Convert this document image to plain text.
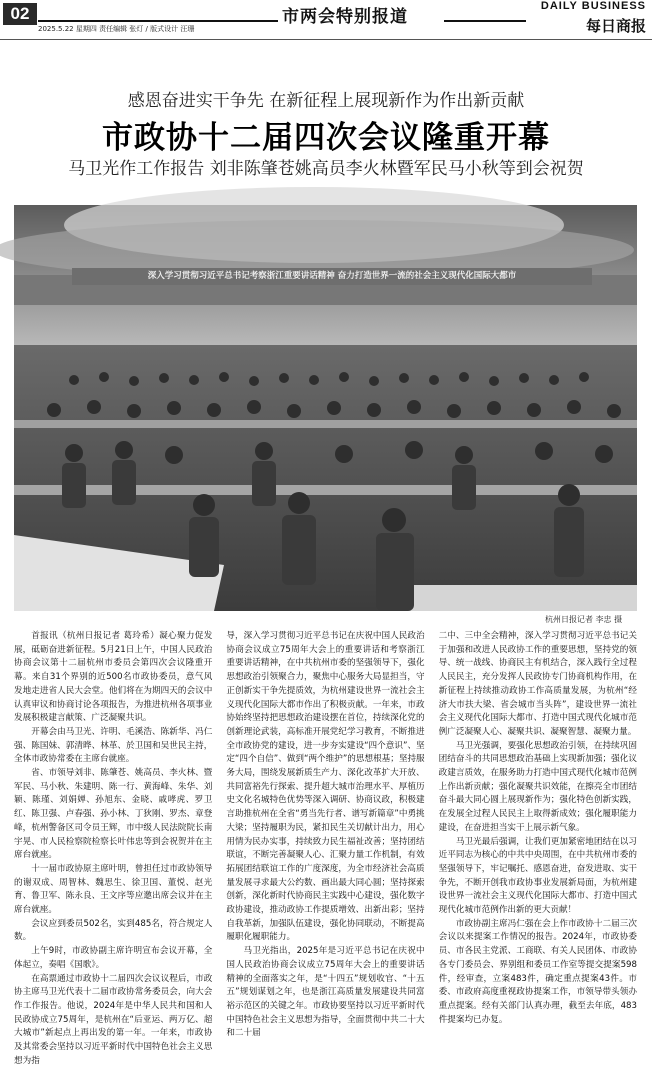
02
2025.5.22 星期四 责任编辑 张灯 / 版式设计 汪珊
市两会特别报道
DAILY BUSINESS
每日商报
感恩奋进实干争先 在新征程上展现新作为作出新贡献
市政协十二届四次会议隆重开幕
马卫光作工作报告 刘非陈肇苍姚高员李火林暨军民马小秋等到会祝贺
深入学习贯彻习近平总书记考察浙江重要讲话精神 奋力打造世界一流的社会主义现代化国际大都市
杭州日报记者 李忠 摄

首报讯（杭州日报记者 葛玲希）凝心聚力促发展，砥砺奋进新征程。5月21日上午，中国人民政治协商会议第十二届杭州市委员会第四次会议隆重开幕。来自31个界别的近500名市政协委员，意气风发地走进省人民大会堂。他们将在为期四天的会议中认真审议和协商讨论各项报告，为推进杭州各项事业发展积极建言献策、广泛凝聚共识。

开幕会由马卫光、许明、毛溪浩、陈新华、冯仁强、陈国妹、郭清晔、林革、於卫国和吴世民主持，全体市政协常委在主席台就座。

省、市领导刘非、陈肇苍、姚高员、李火林、暨军民、马小秋、朱建明、陈一行、黄海峰、朱华、刘颖、陈瑾、刘娟婵、孙旭东、金晓、戚哮虎、罗卫红、陈卫强、卢春强、孙小林、丁狄刚、罗杰、章登峰，杭州警备区司令员王辉，市中级人民法院院长南宇晃、市人民检察院检察长叶伟忠等到会祝贺并在主席台就座。

十一届市政协原主席叶明，曾担任过市政协领导的谢双成、周智林、魏思生、徐卫国、董悦、赵光育、鲁卫军、陈永良、王文序等应邀出席会议并在主席台就座。

会议应到委员502名，实到485名，符合规定人数。

上午9时，市政协副主席许明宣布会议开幕，全体起立，奏唱《国歌》。

在高票通过市政协十二届四次会议议程后，市政协主席马卫光代表十二届市政协常务委员会，向大会作工作报告。他说，2024年是中华人民共和国和人民政协成立75周年，是杭州在“后亚运、两万亿、超大城市”新起点上再出发的第一年。一年来，市政协及其常委会坚持以习近平新时代中国特色社会主义思想为指

导，深入学习贯彻习近平总书记在庆祝中国人民政治协商会议成立75周年大会上的重要讲话和考察浙江重要讲话精神，在中共杭州市委的坚强领导下，强化思想政治引领聚合力，聚焦中心服务大局显担当，守正创新实干争先提质效，为杭州建设世界一流社会主义现代化国际大都市作出了积极贡献。一年来，市政协始终坚持把思想政治建设摆在首位，持续深化党的创新理论武装，高标准开展党纪学习教育，不断推进全市政协党的建设，进一步夯实建设“四个意识”、坚定“四个自信”、做到“两个维护”的思想根基；坚持服务大局，围绕发展新质生产力、深化改革扩大开放、共同富裕先行探索、提升超大城市治理水平、厚植历史文化名城特色优势等深入调研、协商议政，积极建言助推杭州在全省“勇当先行者、谱写新篇章”中勇挑大梁；坚持履职为民，紧扣民生关切献计出力，用心用情为民办实事，持续致力民生福祉改善；坚持团结联谊，不断完善凝聚人心、汇聚力量工作机制，有效拓展团结联谊工作的广度深度，为全市经济社会高质量发展寻求最大公约数、画出最大同心圆；坚持探索创新，深化新时代协商民主实践中心建设，强化数字政协建设，推动政协工作提质增效、出新出彩；坚持自我革新，加强队伍建设，强化协同联动，不断提高履职化履职能力。

马卫光指出，2025年是习近平总书记在庆祝中国人民政治协商会议成立75周年大会上的重要讲话精神的全面落实之年，是“十四五”规划收官、“十五五”规划谋划之年，也是浙江高质量发展建设共同富裕示范区的关键之年。市政协要坚持以习近平新时代中国特色社会主义思想为指导，全面贯彻中共二十大和二十届

二中、三中全会精神，深入学习贯彻习近平总书记关于加强和改进人民政协工作的重要思想，坚持党的领导、统一战线、协商民主有机结合，深入践行全过程人民民主，充分发挥人民政协专门协商机构作用，在新征程上持续推动政协工作高质量发展，为杭州“经济大市扶大梁、省会城市当头阵”，建设世界一流社会主义现代化国际大都市、打造中国式现代化城市范例广泛凝聚人心、凝聚共识、凝聚智慧、凝聚力量。

马卫光强调，要强化思想政治引领，在持续巩固团结奋斗的共同思想政治基础上实现新加强；强化议政建言质效，在服务助力打造中国式现代化城市范例上作出新贡献；强化凝聚共识效能，在擦亮全市团结奋斗最大同心圆上展现新作为；强化特色创新实践，在发展全过程人民民主上取得新成效；强化履职能力建设，在奋进担当实干上展示新气象。

马卫光最后强调，让我们更加紧密地团结在以习近平同志为核心的中共中央周围，在中共杭州市委的坚强领导下，牢记嘱托、感恩奋进，奋发进取、实干争先，不断开创我市政协事业发展新局面，为杭州建设世界一流社会主义现代化国际大都市、打造中国式现代化城市范例作出新的更大贡献！

市政协副主席冯仁强在会上作市政协十二届三次会议以来提案工作情况的报告。2024年，市政协委员、市各民主党派、工商联、有关人民团体、市政协各专门委员会、界别组和委员工作室等提交提案598件，经审查，立案483件，确定重点提案43件。市委、市政府高度重视政协提案工作，市领导带头领办重点提案。经有关部门认真办理，截至去年底，483件提案均已办复。
